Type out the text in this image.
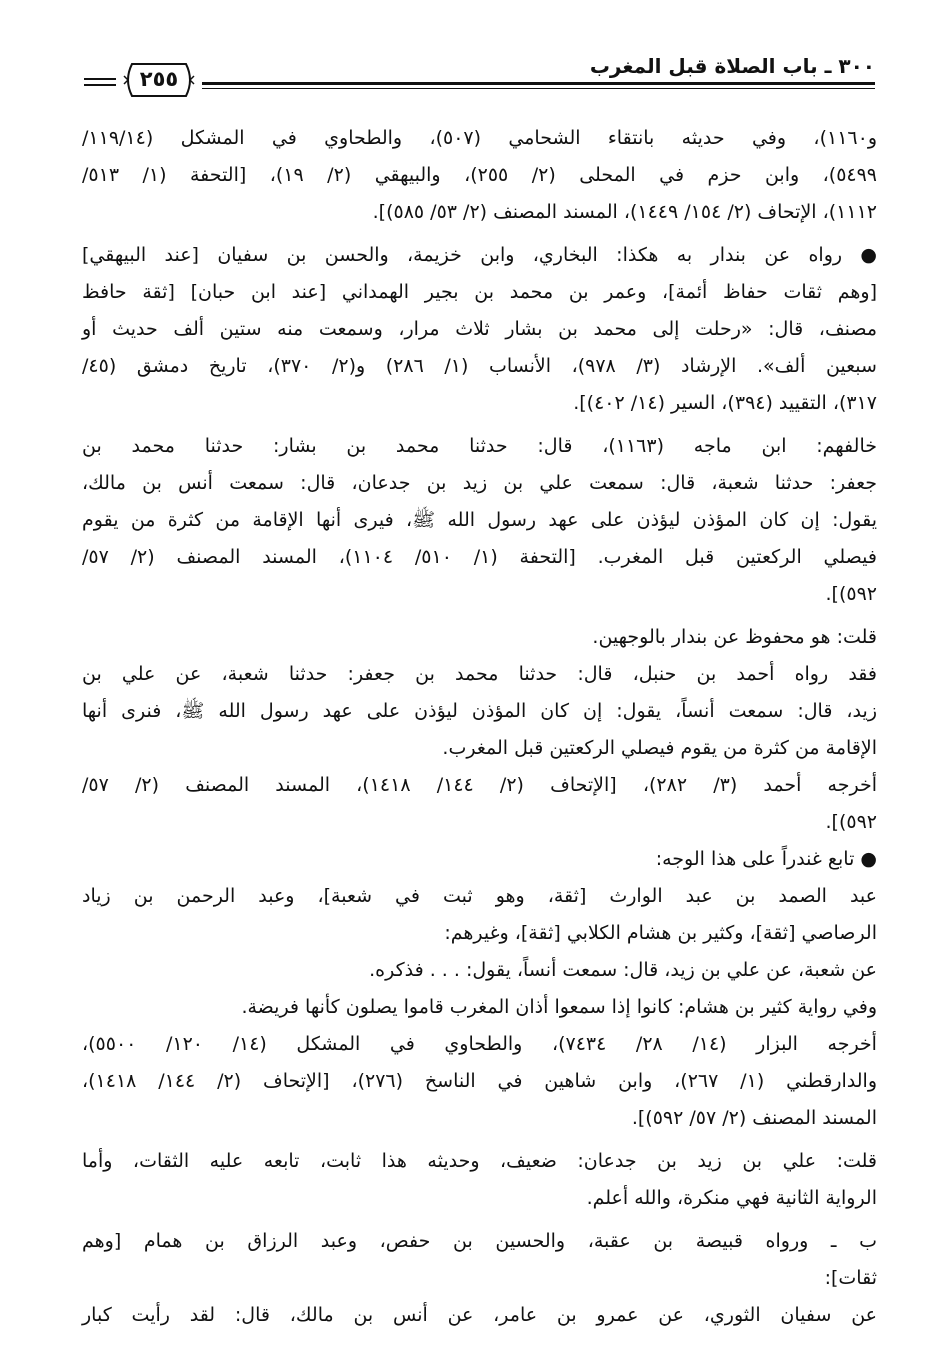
٣٠٠ ـ باب الصلاة قبل المغرب
٢٥٥
و١١٦٠)، وفي حديثه بانتقاء الشحامي (٥٠٧)، والطحاوي في المشكل (١١٩/١٤/
٥٤٩٩)، وابن حزم في المحلى (٢/ ٢٥٥)، والبيهقي (٢/ ١٩)، [التحفة (١/ ٥١٣/
١١١٢)، الإتحاف (٢/ ١٥٤/ ١٤٤٩)، المسند المصنف (٢/ ٥٣/ ٥٨٥)].
● رواه عن بندار به هكذا: البخاري، وابن خزيمة، والحسن بن سفيان [عند البيهقي]
[وهم ثقات حفاظ أئمة]، وعمر بن محمد بن بجير الهمداني [عند ابن حبان] [ثقة حافظ
مصنف، قال: «رحلت إلى محمد بن بشار ثلاث مرار، وسمعت منه ستين ألف حديث أو
سبعين ألف». الإرشاد (٣/ ٩٧٨)، الأنساب (١/ ٢٨٦) و(٢/ ٣٧٠)، تاريخ دمشق (٤٥/
٣١٧)، التقييد (٣٩٤)، السير (١٤/ ٤٠٢)].
خالفهم: ابن ماجه (١١٦٣)، قال: حدثنا محمد بن بشار: حدثنا محمد بن
جعفر: حدثنا شعبة، قال: سمعت علي بن زيد بن جدعان، قال: سمعت أنس بن مالك،
يقول: إن كان المؤذن ليؤذن على عهد رسول الله ﷺ، فيرى أنها الإقامة من كثرة من يقوم
فيصلي الركعتين قبل المغرب. [التحفة (١/ ٥١٠/ ١١٠٤)، المسند المصنف (٢/ ٥٧/
٥٩٢)].
قلت: هو محفوظ عن بندار بالوجهين.
فقد رواه أحمد بن حنبل، قال: حدثنا محمد بن جعفر: حدثنا شعبة، عن علي بن
زيد، قال: سمعت أنساً، يقول: إن كان المؤذن ليؤذن على عهد رسول الله ﷺ، فنرى أنها
الإقامة من كثرة من يقوم فيصلي الركعتين قبل المغرب.
أخرجه أحمد (٣/ ٢٨٢)، [الإتحاف (٢/ ١٤٤/ ١٤١٨)، المسند المصنف (٢/ ٥٧/
٥٩٢)].
● تابع غندراً على هذا الوجه:
عبد الصمد بن عبد الوارث [ثقة، وهو ثبت في شعبة]، وعبد الرحمن بن زياد
الرصاصي [ثقة]، وكثير بن هشام الكلابي [ثقة]، وغيرهم:
عن شعبة، عن علي بن زيد، قال: سمعت أنساً، يقول: . . . فذكره.
وفي رواية كثير بن هشام: كانوا إذا سمعوا أذان المغرب قاموا يصلون كأنها فريضة.
أخرجه البزار (١٤/ ٢٨/ ٧٤٣٤)، والطحاوي في المشكل (١٤/ ١٢٠/ ٥٥٠٠)،
والدارقطني (١/ ٢٦٧)، وابن شاهين في الناسخ (٢٧٦)، [الإتحاف (٢/ ١٤٤/ ١٤١٨)،
المسند المصنف (٢/ ٥٧/ ٥٩٢)].
قلت: علي بن زيد بن جدعان: ضعيف، وحديثه هذا ثابت، تابعه عليه الثقات، وأما
الرواية الثانية فهي منكرة، والله أعلم.
ب ـ ورواه قبيصة بن عقبة، والحسين بن حفص، وعبد الرزاق بن همام [وهم
ثقات]:
عن سفيان الثوري، عن عمرو بن عامر، عن أنس بن مالك، قال: لقد رأيت كبار
